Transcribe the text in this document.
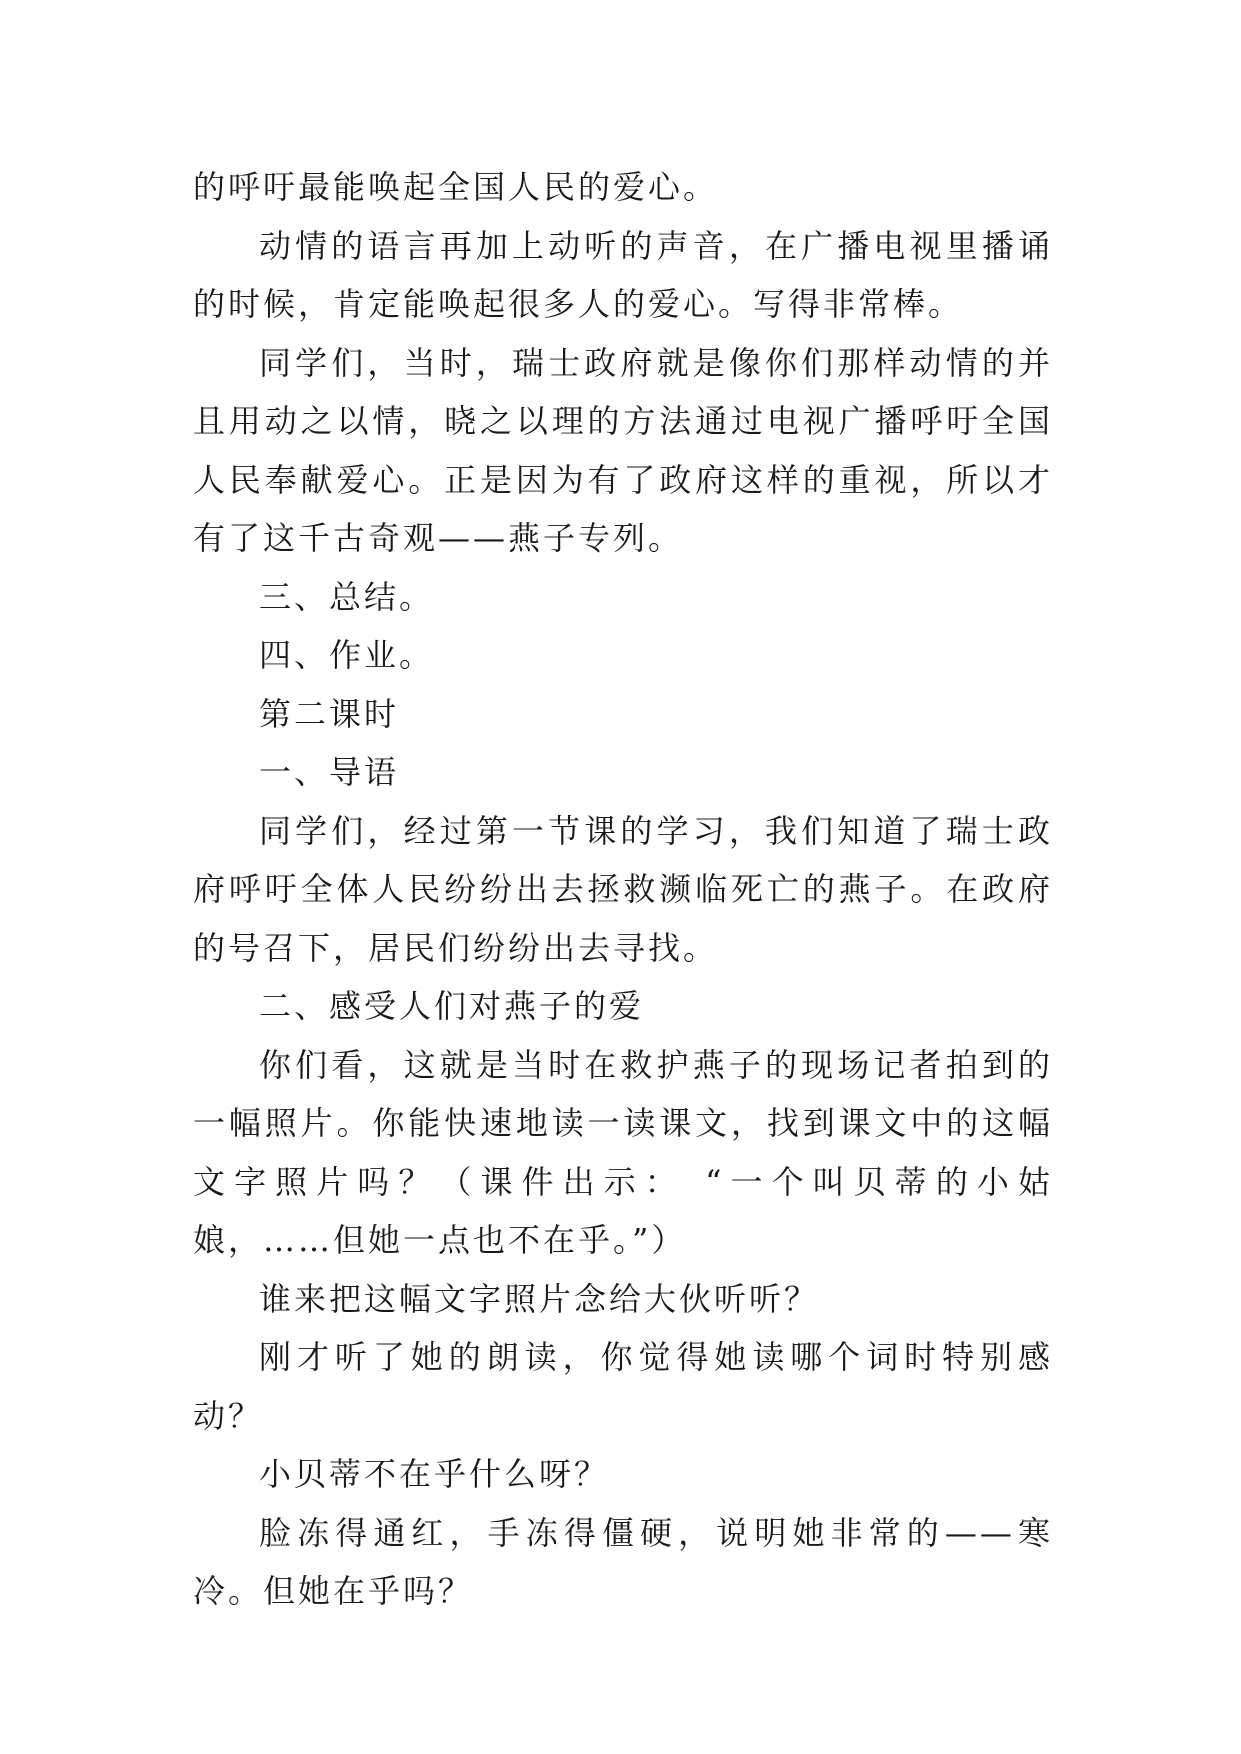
的呼吁最能唤起全国人民的爱心。

动情的语言再加上动听的声音，在广播电视里播诵的时候，肯定能唤起很多人的爱心。写得非常棒。

同学们，当时，瑞士政府就是像你们那样动情的并且用动之以情，晓之以理的方法通过电视广播呼吁全国人民奉献爱心。正是因为有了政府这样的重视，所以才有了这千古奇观——燕子专列。

三、总结。

四、作业。

第二课时

一、导语

同学们，经过第一节课的学习，我们知道了瑞士政府呼吁全体人民纷纷出去拯救濒临死亡的燕子。在政府的号召下，居民们纷纷出去寻找。

二、感受人们对燕子的爱

你们看，这就是当时在救护燕子的现场记者拍到的一幅照片。你能快速地读一读课文，找到课文中的这幅文字照片吗？（课件出示： “一个叫贝蒂的小姑娘，……但她一点也不在乎。”）

谁来把这幅文字照片念给大伙听听？

刚才听了她的朗读，你觉得她读哪个词时特别感动？

小贝蒂不在乎什么呀？

脸冻得通红，手冻得僵硬，说明她非常的——寒冷。但她在乎吗？
